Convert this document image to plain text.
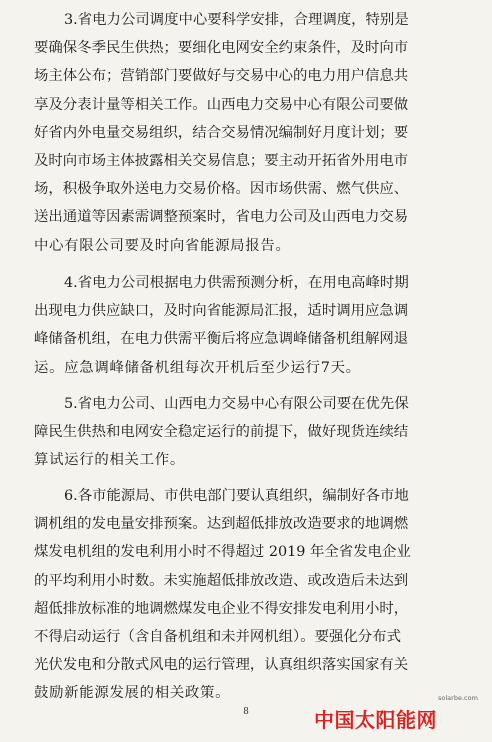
3.省电力公司调度中心要科学安排，合理调度，特别是
要确保冬季民生供热；要细化电网安全约束条件，及时向市
场主体公布；营销部门要做好与交易中心的电力用户信息共
享及分表计量等相关工作。山西电力交易中心有限公司要做
好省内外电量交易组织，结合交易情况编制好月度计划；要
及时向市场主体披露相关交易信息；要主动开拓省外用电市
场，积极争取外送电力交易价格。因市场供需、燃气供应、
送出通道等因素需调整预案时，省电力公司及山西电力交易
中心有限公司要及时向省能源局报告。
4.省电力公司根据电力供需预测分析，在用电高峰时期
出现电力供应缺口，及时向省能源局汇报，适时调用应急调
峰储备机组，在电力供需平衡后将应急调峰储备机组解网退
运。应急调峰储备机组每次开机后至少运行7天。
5.省电力公司、山西电力交易中心有限公司要在优先保
障民生供热和电网安全稳定运行的前提下，做好现货连续结
算试运行的相关工作。
6.各市能源局、市供电部门要认真组织，编制好各市地
调机组的发电量安排预案。达到超低排放改造要求的地调燃
煤发电机组的发电利用小时不得超过 2019 年全省发电企业
的平均利用小时数。未实施超低排放改造、或改造后未达到
超低排放标准的地调燃煤发电企业不得安排发电利用小时，
不得启动运行（含自备机组和未并网机组）。要强化分布式
光伏发电和分散式风电的运行管理，认真组织落实国家有关
鼓励新能源发展的相关政策。	solarbe.com
8	中国太阳能网
